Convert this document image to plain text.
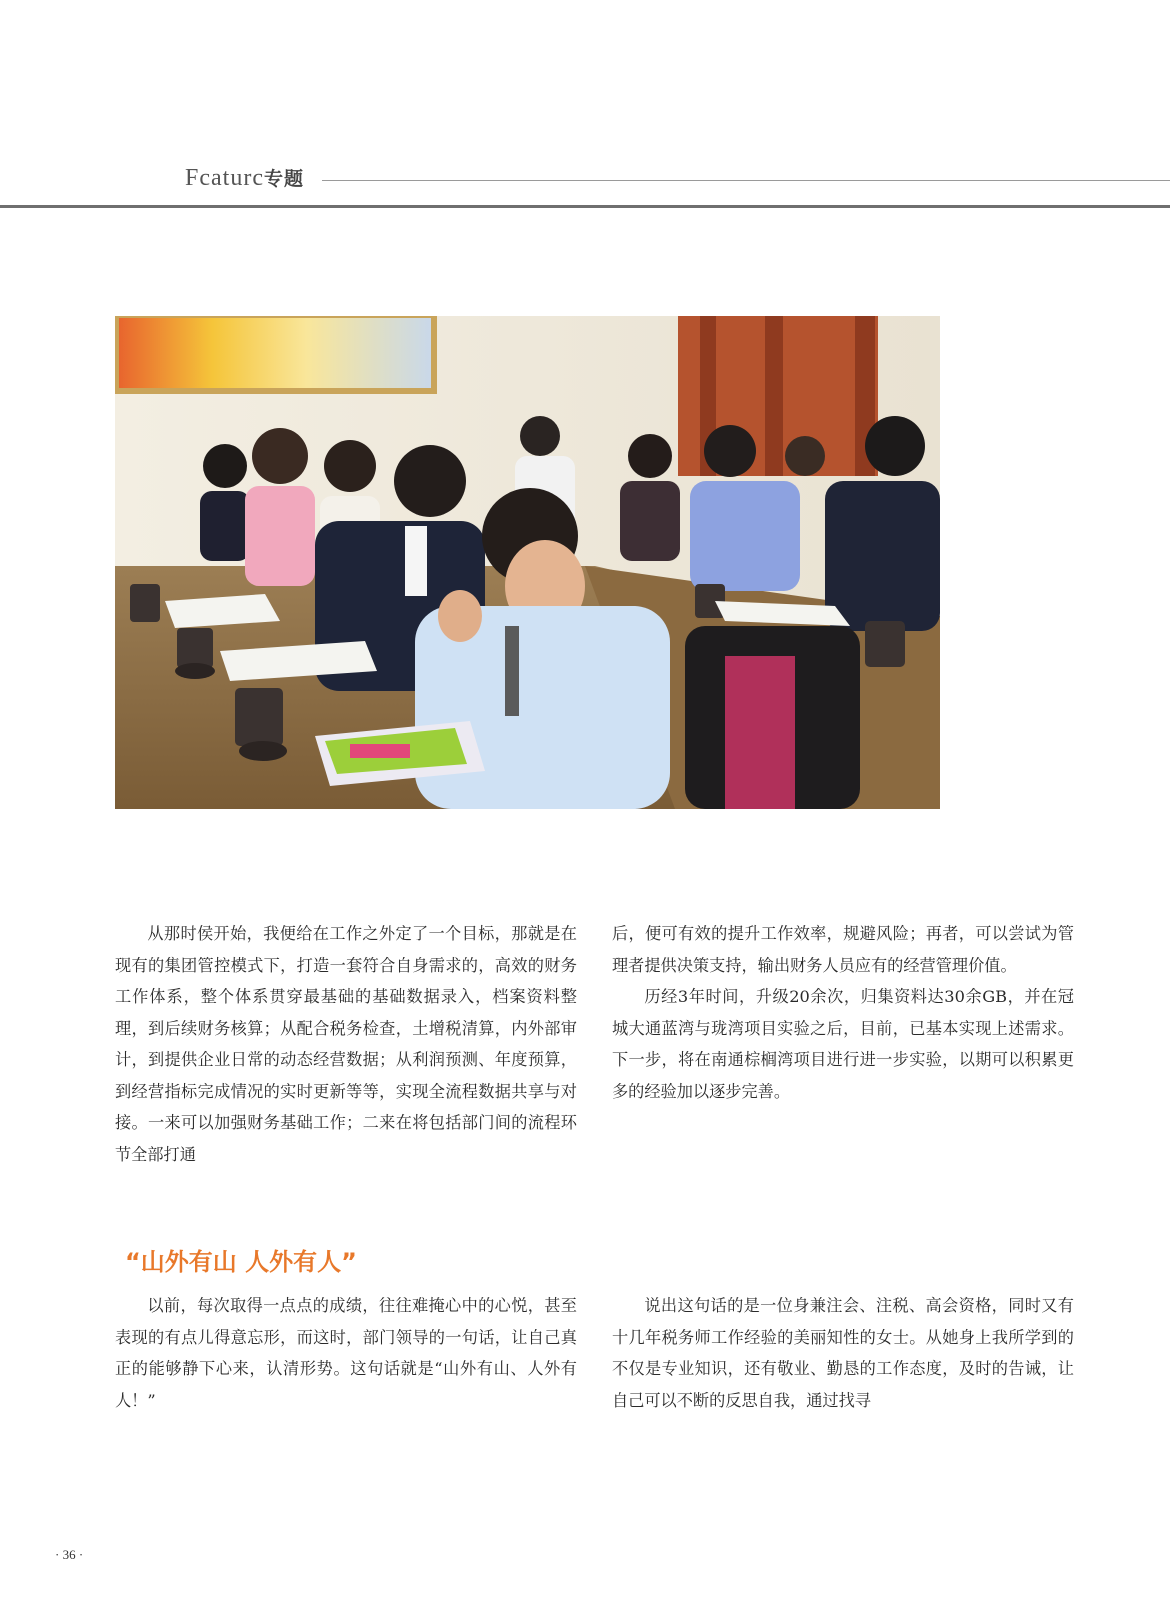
Fcaturc专题

从那时侯开始，我便给在工作之外定了一个目标，那就是在现有的集团管控模式下，打造一套符合自身需求的，高效的财务工作体系，整个体系贯穿最基础的基础数据录入，档案资料整理，到后续财务核算；从配合税务检查，土增税清算，内外部审计，到提供企业日常的动态经营数据；从利润预测、年度预算，到经营指标完成情况的实时更新等等，实现全流程数据共享与对接。一来可以加强财务基础工作；二来在将包括部门间的流程环节全部打通

后，便可有效的提升工作效率，规避风险；再者，可以尝试为管理者提供决策支持，输出财务人员应有的经营管理价值。

历经3年时间，升级20余次，归集资料达30余GB，并在冠城大通蓝湾与珑湾项目实验之后，目前，已基本实现上述需求。下一步，将在南通棕榈湾项目进行进一步实验，以期可以积累更多的经验加以逐步完善。

“山外有山 人外有人”

以前，每次取得一点点的成绩，往往难掩心中的心悦，甚至表现的有点儿得意忘形，而这时，部门领导的一句话，让自己真正的能够静下心来，认清形势。这句话就是“山外有山、人外有人！”

说出这句话的是一位身兼注会、注税、高会资格，同时又有十几年税务师工作经验的美丽知性的女士。从她身上我所学到的不仅是专业知识，还有敬业、勤恳的工作态度，及时的告诫，让自己可以不断的反思自我，通过找寻

· 36 ·
